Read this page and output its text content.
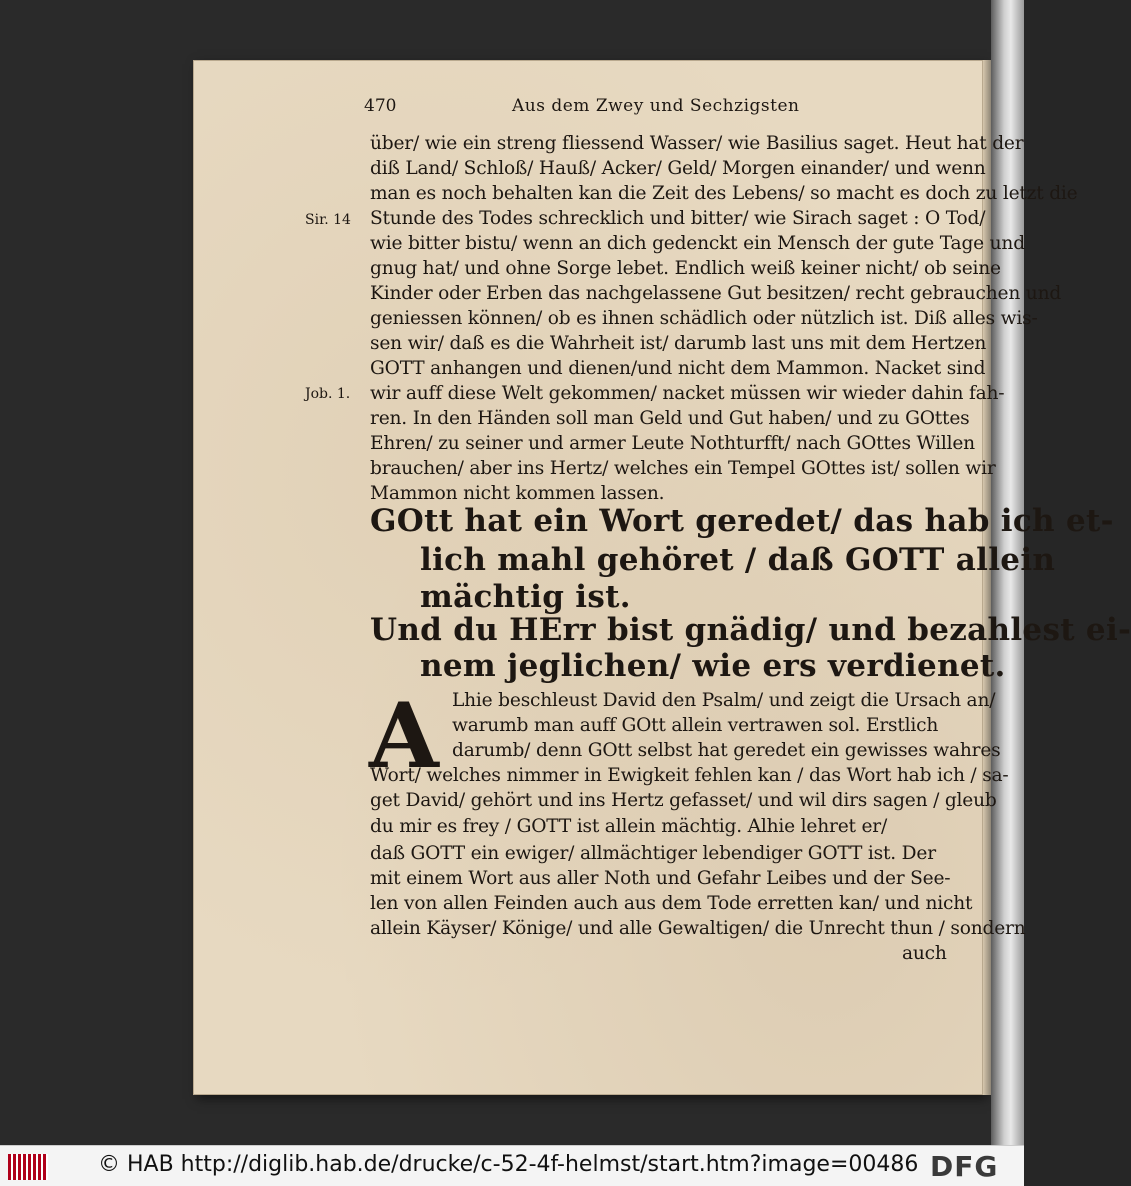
470	Aus dem Zwey und Sechzigsten
Sir. 14
Job. 1.
über/ wie ein streng fliessend Wasser/ wie Basilius saget. Heut hat der
diß Land/ Schloß/ Hauß/ Acker/ Geld/ Morgen einander/ und wenn
man es noch behalten kan die Zeit des Lebens/ so macht es doch zu letzt die
Stunde des Todes schrecklich und bitter/ wie Sirach saget : O Tod/
wie bitter bistu/ wenn an dich gedenckt ein Mensch der gute Tage und
gnug hat/ und ohne Sorge lebet. Endlich weiß keiner nicht/ ob seine
Kinder oder Erben das nachgelassene Gut besitzen/ recht gebrauchen und
geniessen können/ ob es ihnen schädlich oder nützlich ist. Diß alles wis-
sen wir/ daß es die Wahrheit ist/ darumb last uns mit dem Hertzen
GOTT anhangen und dienen/und nicht dem Mammon. Nacket sind
wir auff diese Welt gekommen/ nacket müssen wir wieder dahin fah-
ren. In den Händen soll man Geld und Gut haben/ und zu GOttes
Ehren/ zu seiner und armer Leute Nothturfft/ nach GOttes Willen
brauchen/ aber ins Hertz/ welches ein Tempel GOttes ist/ sollen wir
Mammon nicht kommen lassen.
GOtt hat ein Wort geredet/ das hab ich et-
lich mahl gehöret / daß GOTT allein
mächtig ist.
Und du HErr bist gnädig/ und bezahlest ei-
nem jeglichen/ wie ers verdienet.
A Lhie beschleust David den Psalm/ und zeigt die Ursach an/
warumb man auff GOtt allein vertrawen sol. Erstlich
darumb/ denn GOtt selbst hat geredet ein gewisses wahres
Wort/ welches nimmer in Ewigkeit fehlen kan / das Wort hab ich / sa-
get David/ gehört und ins Hertz gefasset/ und wil dirs sagen / gleub
du mir es frey / GOTT ist allein mächtig. Alhie lehret er/
daß GOTT ein ewiger/ allmächtiger lebendiger GOTT ist. Der
mit einem Wort aus aller Noth und Gefahr Leibes und der See-
len von allen Feinden auch aus dem Tode erretten kan/ und nicht
allein Käyser/ Könige/ und alle Gewaltigen/ die Unrecht thun / sondern
auch
© HAB http://diglib.hab.de/drucke/c-52-4f-helmst/start.htm?image=00486 DFG
